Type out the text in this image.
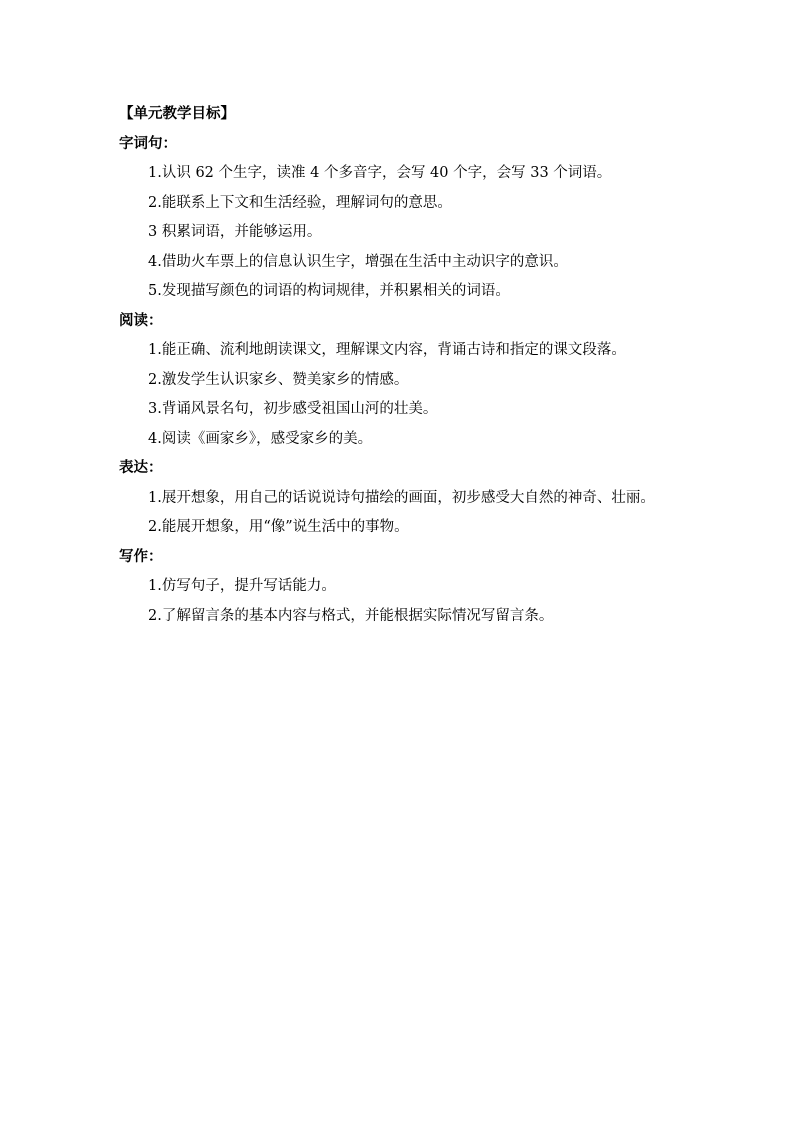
【单元教学目标】
字词句：
1.认识 62 个生字，读准 4 个多音字，会写 40 个字，会写 33 个词语。
2.能联系上下文和生活经验，理解词句的意思。
3 积累词语，并能够运用。
4.借助火车票上的信息认识生字，增强在生活中主动识字的意识。
5.发现描写颜色的词语的构词规律，并积累相关的词语。
阅读：
1.能正确、流利地朗读课文，理解课文内容，背诵古诗和指定的课文段落。
2.激发学生认识家乡、赞美家乡的情感。
3.背诵风景名句，初步感受祖国山河的壮美。
4.阅读《画家乡》，感受家乡的美。
表达：
1.展开想象，用自己的话说说诗句描绘的画面，初步感受大自然的神奇、壮丽。
2.能展开想象，用“像”说生活中的事物。
写作：
1.仿写句子，提升写话能力。
2.了解留言条的基本内容与格式，并能根据实际情况写留言条。
